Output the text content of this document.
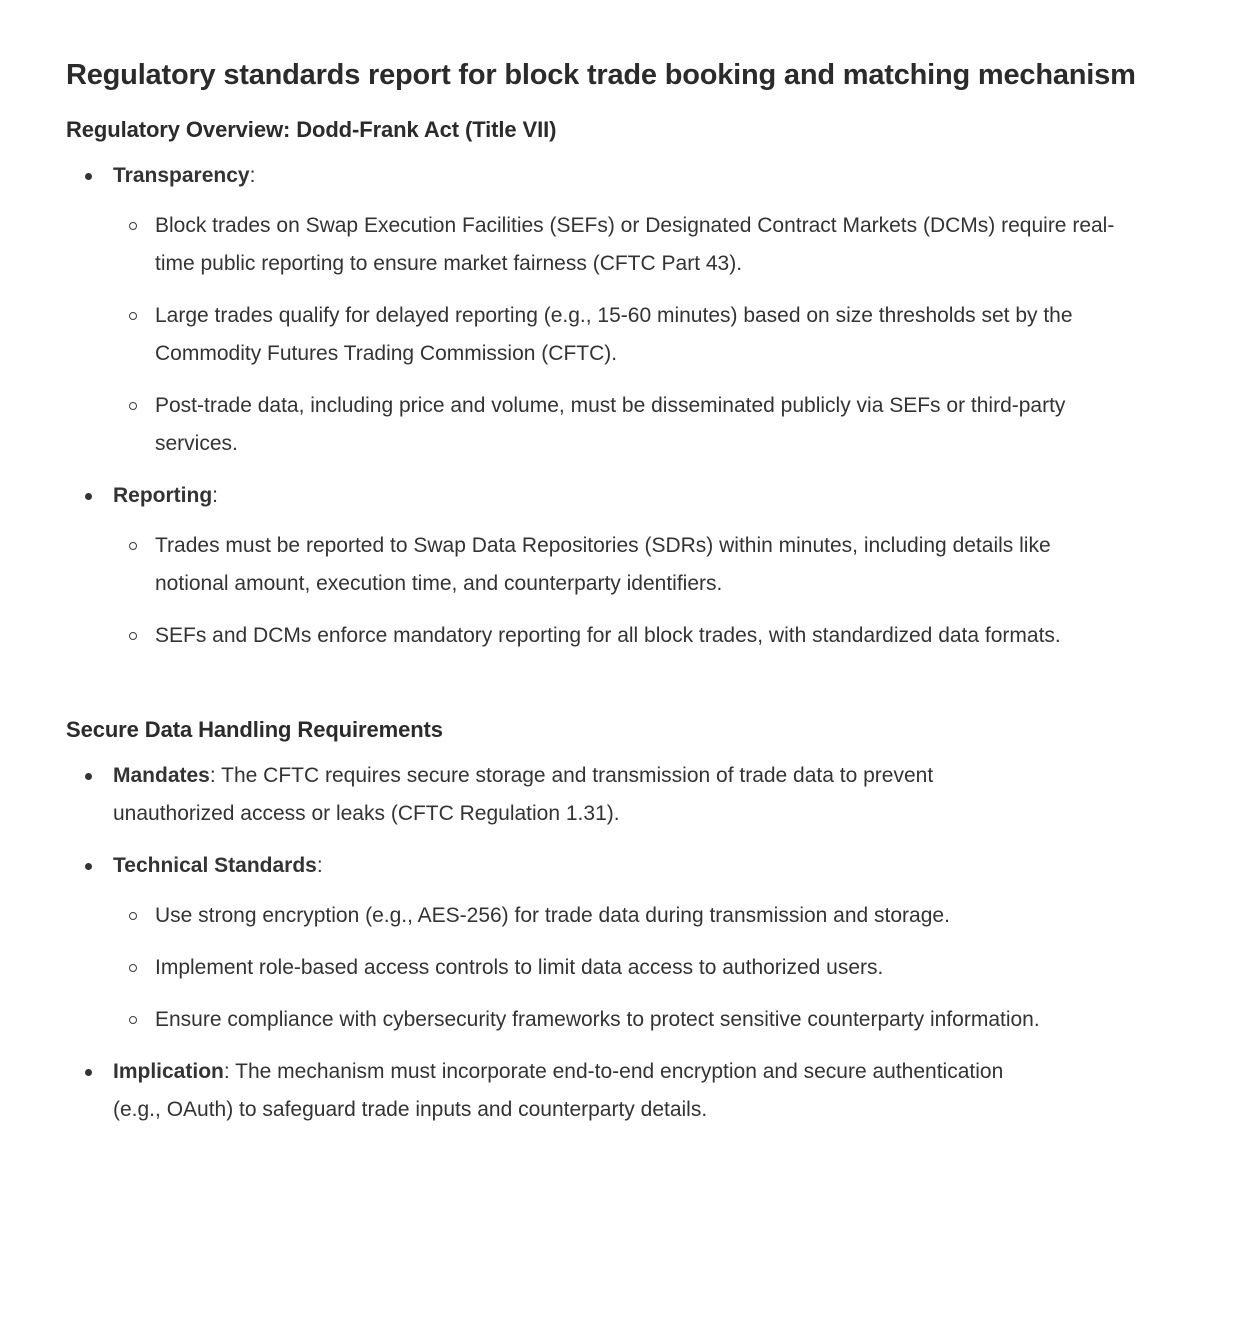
Regulatory standards report for block trade booking and matching mechanism
Regulatory Overview: Dodd-Frank Act (Title VII)
Transparency:
Block trades on Swap Execution Facilities (SEFs) or Designated Contract Markets (DCMs) require real-time public reporting to ensure market fairness (CFTC Part 43).
Large trades qualify for delayed reporting (e.g., 15-60 minutes) based on size thresholds set by the Commodity Futures Trading Commission (CFTC).
Post-trade data, including price and volume, must be disseminated publicly via SEFs or third-party services.
Reporting:
Trades must be reported to Swap Data Repositories (SDRs) within minutes, including details like notional amount, execution time, and counterparty identifiers.
SEFs and DCMs enforce mandatory reporting for all block trades, with standardized data formats.
Secure Data Handling Requirements
Mandates: The CFTC requires secure storage and transmission of trade data to prevent unauthorized access or leaks (CFTC Regulation 1.31).
Technical Standards:
Use strong encryption (e.g., AES-256) for trade data during transmission and storage.
Implement role-based access controls to limit data access to authorized users.
Ensure compliance with cybersecurity frameworks to protect sensitive counterparty information.
Implication: The mechanism must incorporate end-to-end encryption and secure authentication (e.g., OAuth) to safeguard trade inputs and counterparty details.
